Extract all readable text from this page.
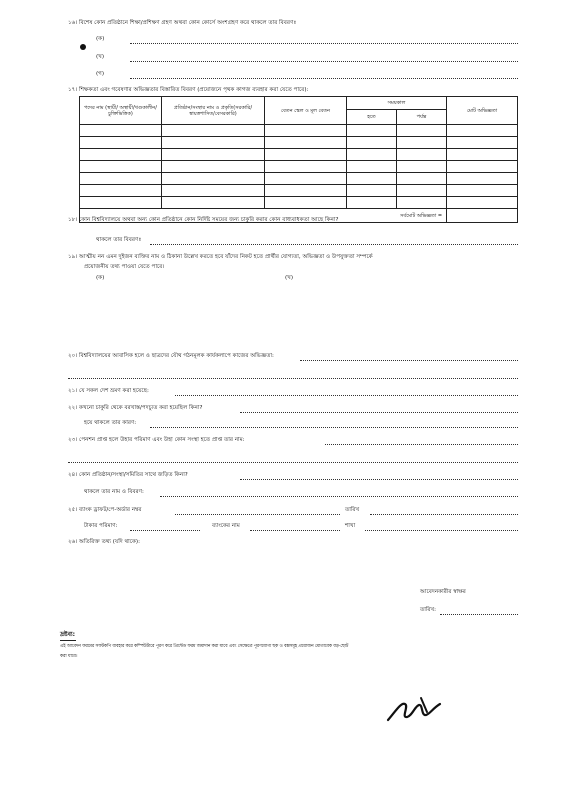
১৬। বিশেষ কোন প্রতিষ্ঠানে শিক্ষা/প্রশিক্ষণ গ্রহণ অথবা কোন কোর্সে অংশগ্রহণ করে থাকলে তার বিবরণঃ
(ক)
(খ)
(গ)
১৭। শিক্ষকতা এবং গবেষণার অভিজ্ঞতার বিস্তারিত বিবরণ (প্রয়োজনে পৃথক কাগজ ব্যবহার করা যেতে পারে):
পদের নাম (স্থায়ী/ অস্থায়ী/খণ্ডকালীন/ চুক্তিভিত্তিক)	প্রতিষ্ঠান/সংস্থার নাম ও প্রকৃতি(সরকারি/স্বায়ত্তশাসিত/বেসরকারি)	বেতন স্কেল ও মূল বেতন	সময়কাল		মোট অভিজ্ঞতা
			হতে	পর্যন্ত	

সর্বমোট অভিজ্ঞতা =					
১৮। কোন বিশ্ববিদ্যালয়ে অথবা অন্য কোন প্রতিষ্ঠানে কোন নির্দিষ্ট সময়ের জন্য চাকুরি করার কোন বাধ্যবাধকতা আছে কিনা?
থাকলে তার বিবরণঃ
১৯। আত্মীয় নন এমন দুইজন ব্যক্তির নাম ও ঠিকানা উল্লেখ করতে হবে যাঁদের নিকট হতে প্রার্থীর যোগ্যতা, অভিজ্ঞতা ও উপযুক্ততা সম্পর্কে
প্রয়োজনীয় তথ্য পাওয়া যেতে পারে।
(ক)	(খ)
২০। বিশ্ববিদ্যালয়ের আবাসিক হলে ও ছাত্রদের যৌথ গঠনমূলক কার্যকলাপে কাজের অভিজ্ঞতা:
২১। যে সকল দেশ ভ্রমণ করা হয়েছে:
২২। কখনো চাকুরি থেকে বরখাস্ত/পদচ্যুত করা হয়েছিল কিনা?
হয়ে থাকলে তার কারণ:
২৩। পেনশন প্রাপ্ত হলে উহার পরিমাণ এবং উহা কোন সংস্থা হতে প্রাপ্ত তার নাম:
২৪। কোন প্রতিষ্ঠান/সংস্থা/সমিতির সাথে জড়িত কিনা?
থাকলে তার নাম ও বিবরণ:
২৫। ব্যাংক ড্রাফট/পে-অর্ডার নম্বর	তারিখ
টাকার পরিমাণ:	ব্যাংকের নাম	শাখা
২৬। অতিরিক্ত তথ্য (যদি থাকে):
আবেদনকারীর স্বাক্ষর
তারিখ:
দ্রষ্টব্য:
এই আবেদন ফরমের সফটকপি ব্যবহার করে কম্পিউটারে পূরণ করে প্রিন্টেড ফরম জমাদান করা যাবে এবং সেক্ষেত্রে পূরণযোগ্য ছক ও বক্সসমূহ প্রয়োজন মোতাবেক বড়-ছোট
করা যাবে।
